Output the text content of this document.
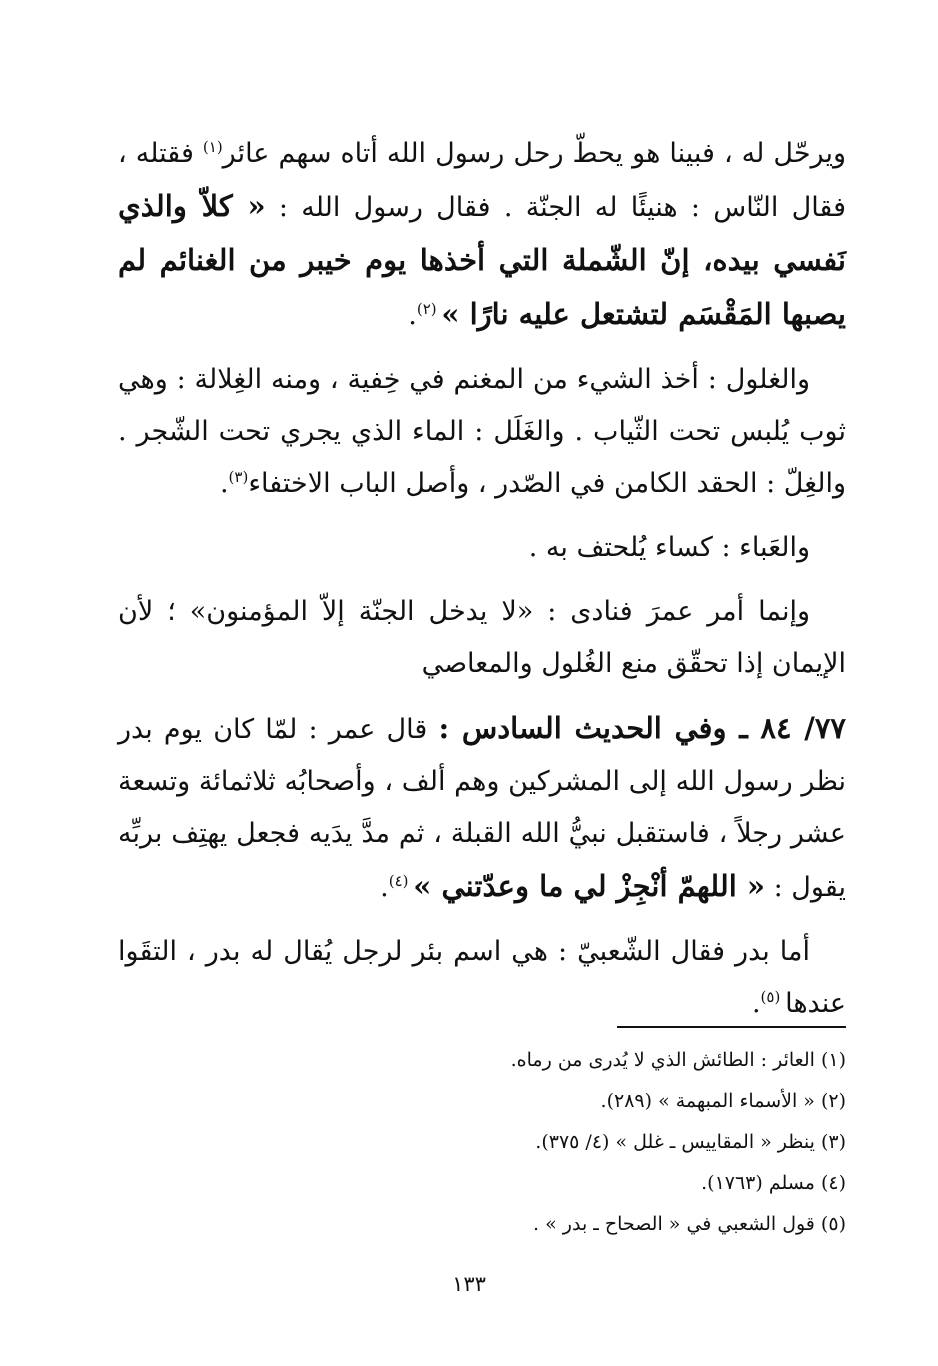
ويرحّل له ، فبينا هو يحطّ رحل رسول الله أتاه سهم عائر$^{(١)}$ فقتله ، فقال النّاس : هنيئًا له الجنّة . فقال رسول الله : « كلاّ والذي نَفسي بيده، إنّ الشّملة التي أخذها يوم خيبر من الغنائم لم يصبها المَقْسَم لتشتعل عليه نارًا » $^{(٢)}$.

والغلول : أخذ الشيء من المغنم في خِفية ، ومنه الغِلالة : وهي ثوب يُلبس تحت الثّياب . والغَلَل : الماء الذي يجري تحت الشّجر . والغِلّ : الحقد الكامن في الصّدر ، وأصل الباب الاختفاء$^{(٣)}$.

والعَباء : كساء يُلحتف به .

وإنما أمر عمرَ فنادى : «لا يدخل الجنّة إلاّ المؤمنون» ؛ لأن الإيمان إذا تحقّق منع الغُلول والمعاصي

٧٧/ ٨٤ ـ وفي الحديث السادس : قال عمر : لمّا كان يوم بدر نظر رسول الله إلى المشركين وهم ألف ، وأصحابُه ثلاثمائة وتسعة عشر رجلاً ، فاستقبل نبيُّ الله القبلة ، ثم مدَّ يدَيه فجعل يهتِف بربِّه يقول : « اللهمّ أنْجِزْ لي ما وعدّتني » $^{(٤)}$.

أما بدر فقال الشّعبيّ : هي اسم بئر لرجل يُقال له بدر ، التقَوا عندها $^{(٥)}$.

(١) العائر : الطائش الذي لا يُدرى من رماه.
(٢) « الأسماء المبهمة » (٢٨٩).
(٣) ينظر « المقاييس ـ غلل » (٤/ ٣٧٥).
(٤) مسلم (١٧٦٣).
(٥) قول الشعبي في « الصحاح ـ بدر » .
١٣٣
